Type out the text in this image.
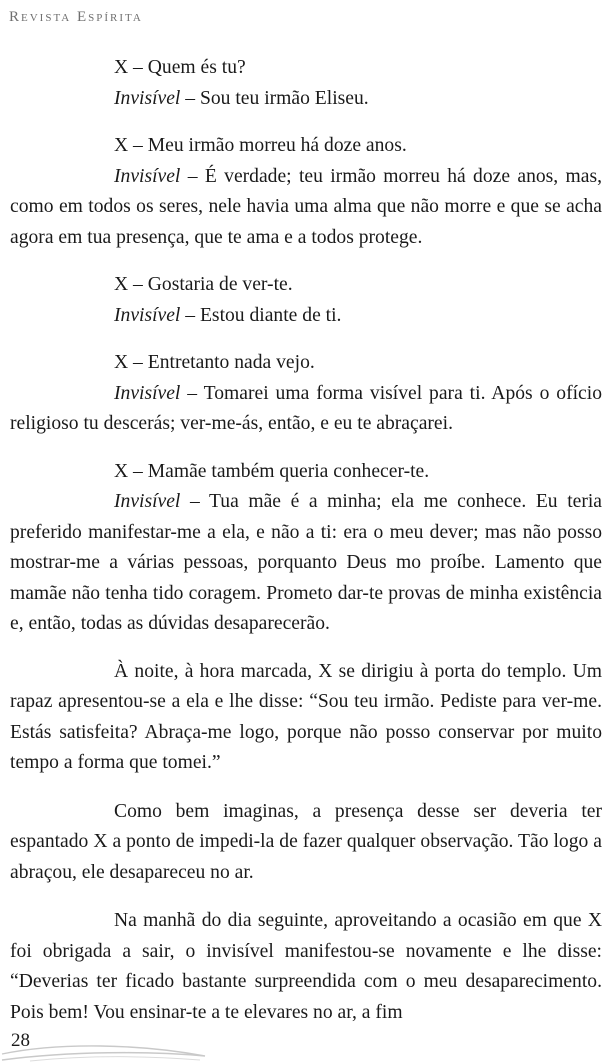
Revista Espírita

X – Quem és tu?

Invisível – Sou teu irmão Eliseu.

X – Meu irmão morreu há doze anos.

Invisível – É verdade; teu irmão morreu há doze anos, mas, como em todos os seres, nele havia uma alma que não morre e que se acha agora em tua presença, que te ama e a todos protege.

X – Gostaria de ver-te.

Invisível – Estou diante de ti.

X – Entretanto nada vejo.

Invisível – Tomarei uma forma visível para ti. Após o ofício religioso tu descerás; ver-me-ás, então, e eu te abraçarei.

X – Mamãe também queria conhecer-te.

Invisível – Tua mãe é a minha; ela me conhece. Eu teria preferido manifestar-me a ela, e não a ti: era o meu dever; mas não posso mostrar-me a várias pessoas, porquanto Deus mo proíbe. Lamento que mamãe não tenha tido coragem. Prometo dar-te provas de minha existência e, então, todas as dúvidas desaparecerão.

À noite, à hora marcada, X se dirigiu à porta do templo. Um rapaz apresentou-se a ela e lhe disse: “Sou teu irmão. Pediste para ver-me. Estás satisfeita? Abraça-me logo, porque não posso conservar por muito tempo a forma que tomei.”

Como bem imaginas, a presença desse ser deveria ter espantado X a ponto de impedi-la de fazer qualquer observação. Tão logo a abraçou, ele desapareceu no ar.

Na manhã do dia seguinte, aproveitando a ocasião em que X foi obrigada a sair, o invisível manifestou-se novamente e lhe disse: “Deverias ter ficado bastante surpreendida com o meu desaparecimento. Pois bem! Vou ensinar-te a te elevares no ar, a fim

28
